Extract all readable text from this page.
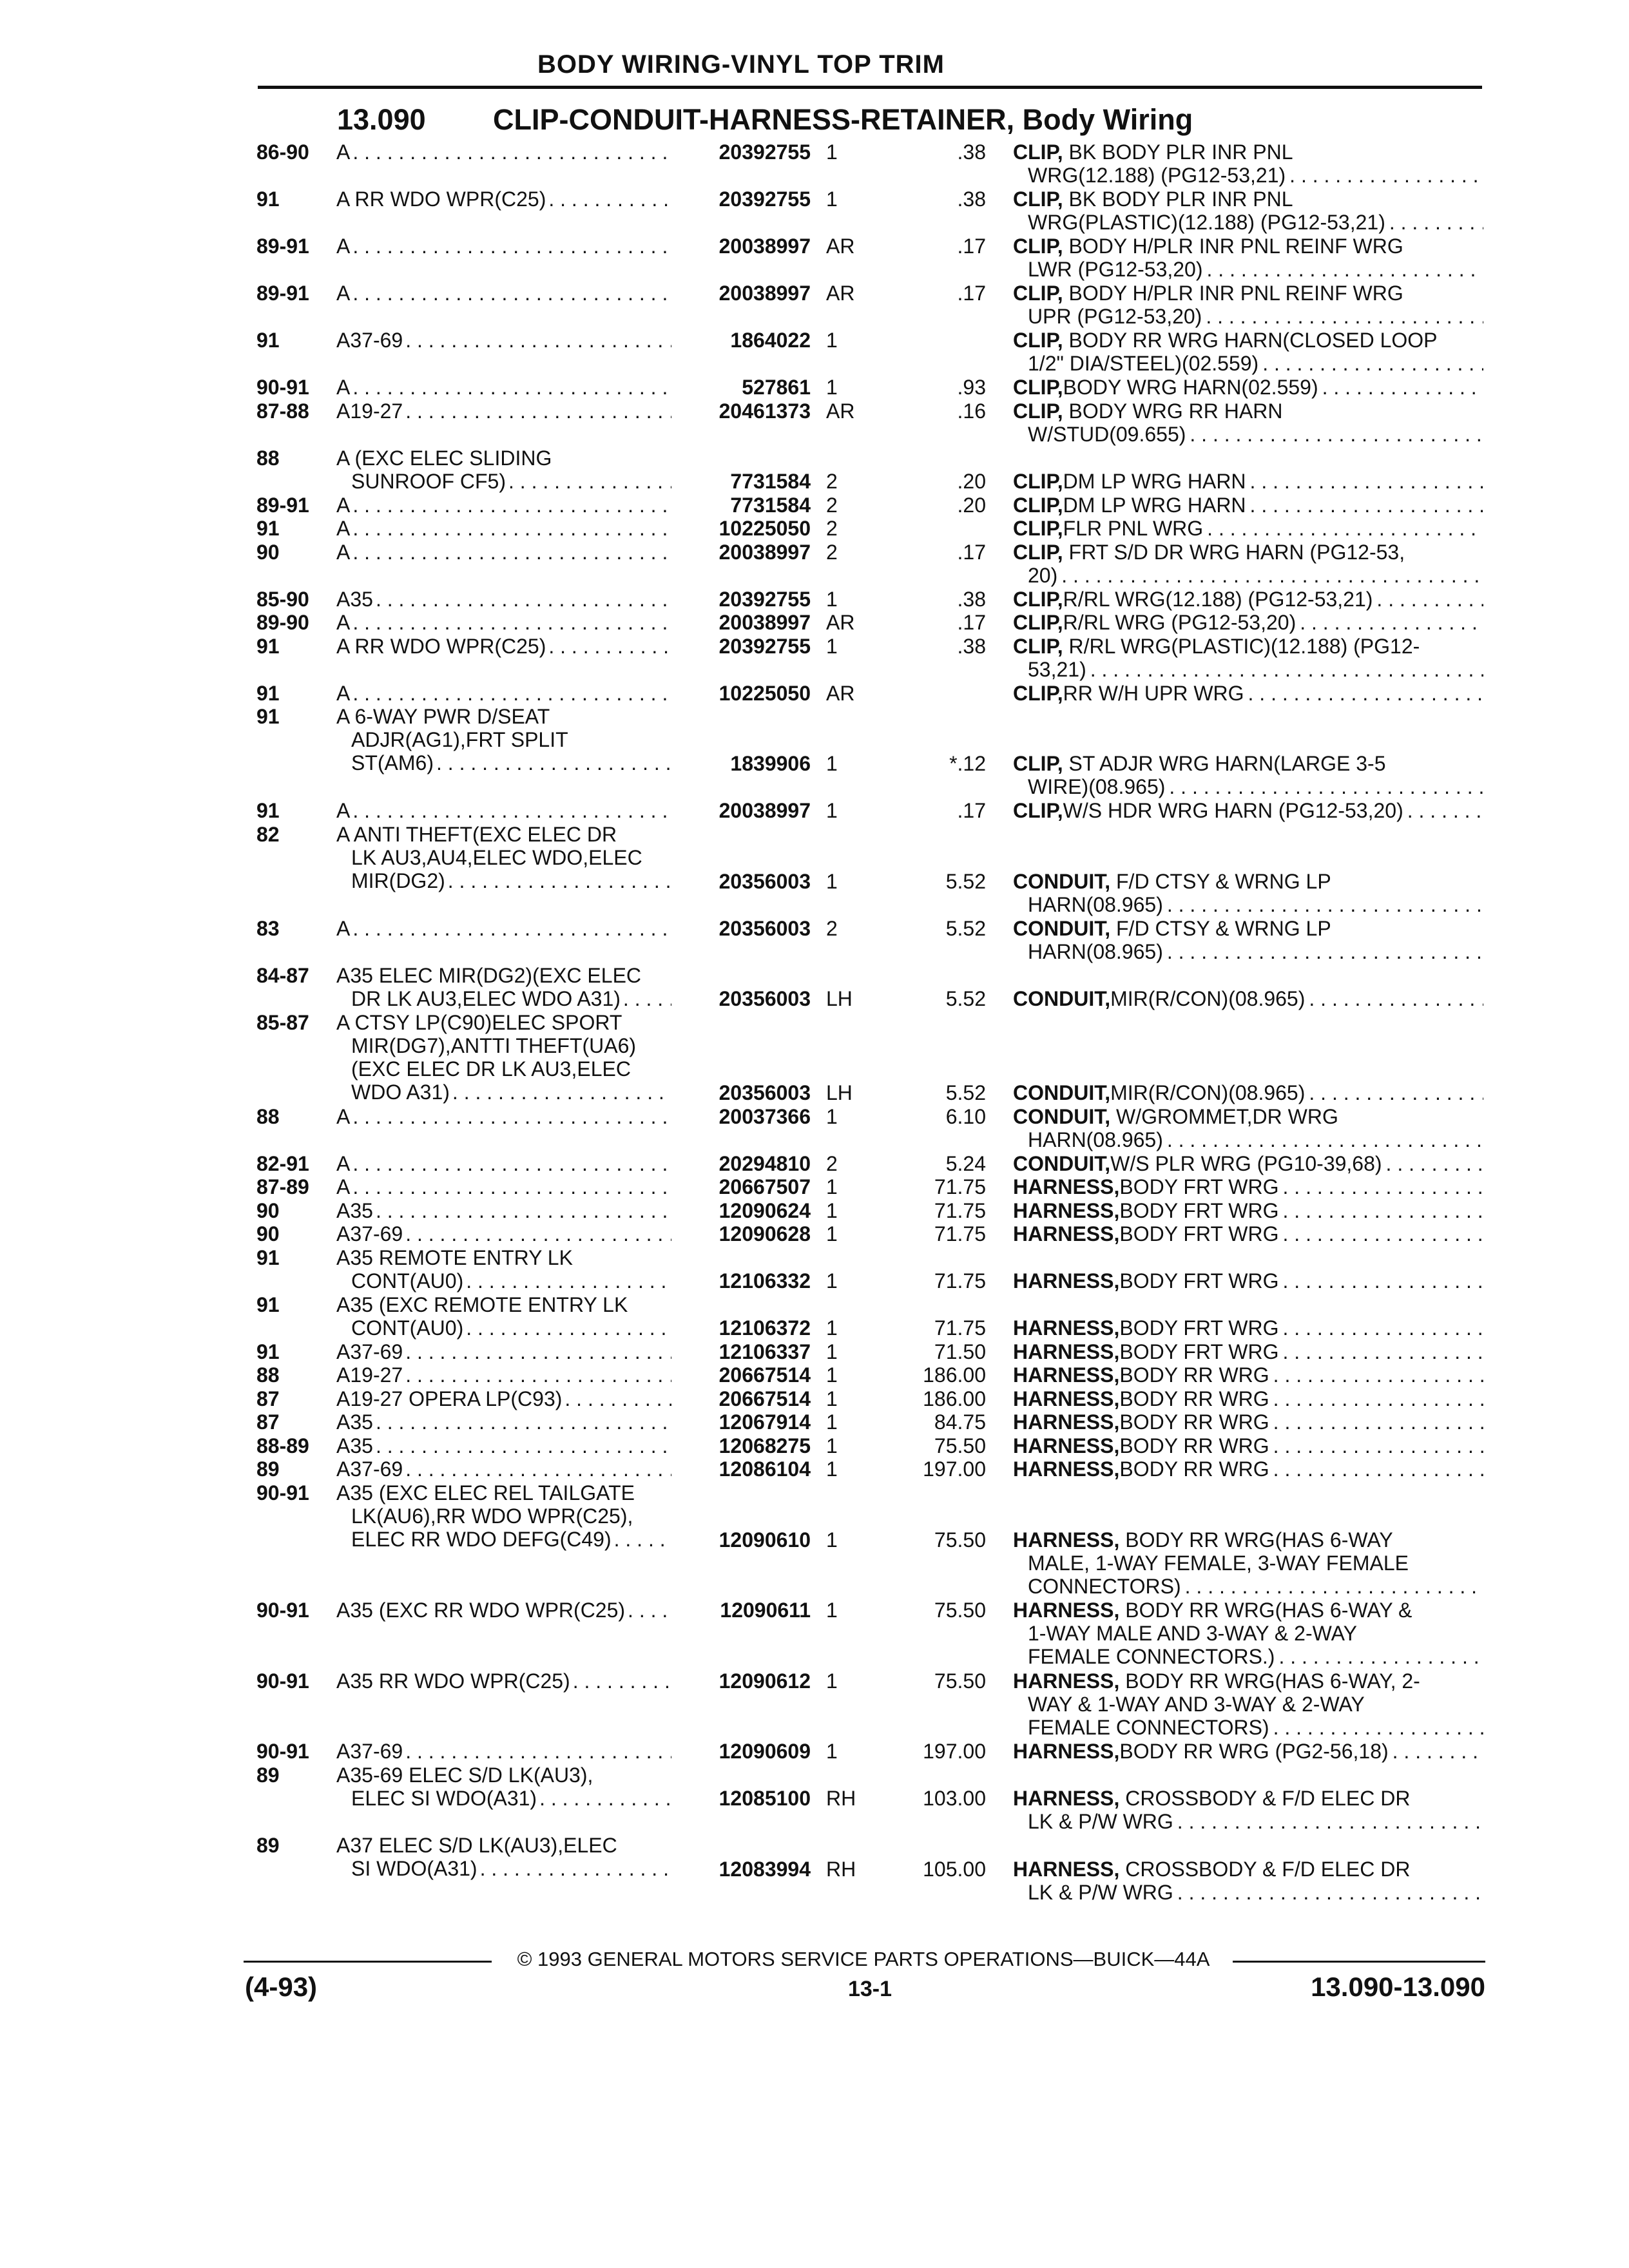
BODY WIRING-VINYL TOP TRIM
13.090 CLIP-CONDUIT-HARNESS-RETAINER, Body Wiring
86-90 A . . .	20392755 1	.38 CLIP, BK BODY PLR INR PNL
WRG(12.188) (PG12-53,21)
. . .
91	A RR WDO WPR(C25) . . .	20392755 1	.38 CLIP, BK BODY PLR INR PNL
WRG(PLASTIC)(12.188) (PG12-53,21)
. . .
89-91 A . . .	20038997 AR	.17 CLIP, BODY H/PLR INR PNL REINF WRG
LWR (PG12-53,20)
. . .
89-91 A . . .	20038997 AR	.17 CLIP, BODY H/PLR INR PNL REINF WRG
UPR (PG12-53,20)
. . .
91	A37-69 . . .	1864022 1	CLIP, BODY RR WRG HARN(CLOSED LOOP
1/2" DIA/STEEL)(02.559)
. . .
90-91 A . . .	527861 1	.93 CLIP, BODY WRG HARN(02.559)
. . .
87-88 A19-27 . . .	20461373 AR	.16 CLIP, BODY WRG RR HARN
W/STUD(09.655)
. . .
88	A (EXC ELEC SLIDING
SUNROOF CF5) . . .	7731584 2	.20 CLIP, DM LP WRG HARN
. . .
89-91 A . . .	7731584 2	.20 CLIP, DM LP WRG HARN
. . .
91	A . . .	10225050 2	CLIP, FLR PNL WRG
. . .
90	A . . .	20038997 2	.17 CLIP, FRT S/D DR WRG HARN (PG12-53,
20)
. . .
85-90 A35 . . .	20392755 1	.38 CLIP, R/RL WRG(12.188) (PG12-53,21)
. . .
89-90 A . . .	20038997 AR	.17 CLIP, R/RL WRG (PG12-53,20)
. . .
91	A RR WDO WPR(C25) . . .	20392755 1	.38 CLIP, R/RL WRG(PLASTIC)(12.188) (PG12-
53,21)
. . .
91	A . . .	10225050 AR	CLIP, RR W/H UPR WRG
. . .
91	A 6-WAY PWR D/SEAT
ADJR(AG1),FRT SPLIT
ST(AM6) . . .	1839906 1	*.12 CLIP, ST ADJR WRG HARN(LARGE 3-5
WIRE)(08.965)
. . .
91	A . . .	20038997 1	.17 CLIP, W/S HDR WRG HARN (PG12-53,20)
. . .
82	A ANTI THEFT(EXC ELEC DR
LK AU3,AU4,ELEC WDO,ELEC
MIR(DG2) . . .	20356003 1	5.52 CONDUIT, F/D CTSY & WRNG LP
HARN(08.965)
. . .
83	A . . .	20356003 2	5.52 CONDUIT, F/D CTSY & WRNG LP
HARN(08.965)
. . .
84-87 A35 ELEC MIR(DG2)(EXC ELEC
DR LK AU3,ELEC WDO A31) . . .	20356003 LH	5.52 CONDUIT, MIR(R/CON)(08.965)
. . .
85-87 A CTSY LP(C90)ELEC SPORT
MIR(DG7),ANTTI THEFT(UA6)
(EXC ELEC DR LK AU3,ELEC
WDO A31) . . .	20356003 LH	5.52 CONDUIT, MIR(R/CON)(08.965)
. . .
88	A . . .	20037366 1	6.10 CONDUIT, W/GROMMET,DR WRG
HARN(08.965)
. . .
82-91 A . . .	20294810 2	5.24 CONDUIT, W/S PLR WRG (PG10-39,68)
. . .
87-89 A . . .	20667507 1	71.75 HARNESS, BODY FRT WRG
. . .
90	A35 . . .	12090624 1	71.75 HARNESS, BODY FRT WRG
. . .
90	A37-69 . . .	12090628 1	71.75 HARNESS, BODY FRT WRG
. . .
91	A35 REMOTE ENTRY LK
CONT(AU0) . . .	12106332 1	71.75 HARNESS, BODY FRT WRG
. . .
91	A35 (EXC REMOTE ENTRY LK
CONT(AU0) . . .	12106372 1	71.75 HARNESS, BODY FRT WRG
. . .
91	A37-69 . . .	12106337 1	71.50 HARNESS, BODY FRT WRG
. . .
88	A19-27 . . .	20667514 1	186.00 HARNESS, BODY RR WRG
. . .
87	A19-27 OPERA LP(C93) . . .	20667514 1	186.00 HARNESS, BODY RR WRG
. . .
87	A35 . . .	12067914 1	84.75 HARNESS, BODY RR WRG
. . .
88-89 A35 . . .	12068275 1	75.50 HARNESS, BODY RR WRG
. . .
89	A37-69 . . .	12086104 1	197.00 HARNESS, BODY RR WRG
. . .
90-91 A35 (EXC ELEC REL TAILGATE
LK(AU6),RR WDO WPR(C25),
ELEC RR WDO DEFG(C49) . . .	12090610 1	75.50 HARNESS, BODY RR WRG(HAS 6-WAY
MALE, 1-WAY FEMALE, 3-WAY FEMALE
CONNECTORS)
. . .
90-91 A35 (EXC RR WDO WPR(C25) . . .	12090611 1	75.50 HARNESS, BODY RR WRG(HAS 6-WAY &
1-WAY MALE AND 3-WAY & 2-WAY
FEMALE CONNECTORS.)
. . .
90-91 A35 RR WDO WPR(C25) . . .	12090612 1	75.50 HARNESS, BODY RR WRG(HAS 6-WAY, 2-
WAY & 1-WAY AND 3-WAY & 2-WAY
FEMALE CONNECTORS)
. . .
90-91 A37-69 . . .	12090609 1	197.00 HARNESS, BODY RR WRG (PG2-56,18)
. . .
89	A35-69 ELEC S/D LK(AU3),
ELEC SI WDO(A31) . . .	12085100 RH	103.00 HARNESS, CROSSBODY & F/D ELEC DR
LK & P/W WRG
. . .
89	A37 ELEC S/D LK(AU3),ELEC
SI WDO(A31) . . .	12083994 RH	105.00 HARNESS, CROSSBODY & F/D ELEC DR
LK & P/W WRG
. . .
© 1993 GENERAL MOTORS SERVICE PARTS OPERATIONS—BUICK—44A
(4-93)	13-1	13.090-13.090
